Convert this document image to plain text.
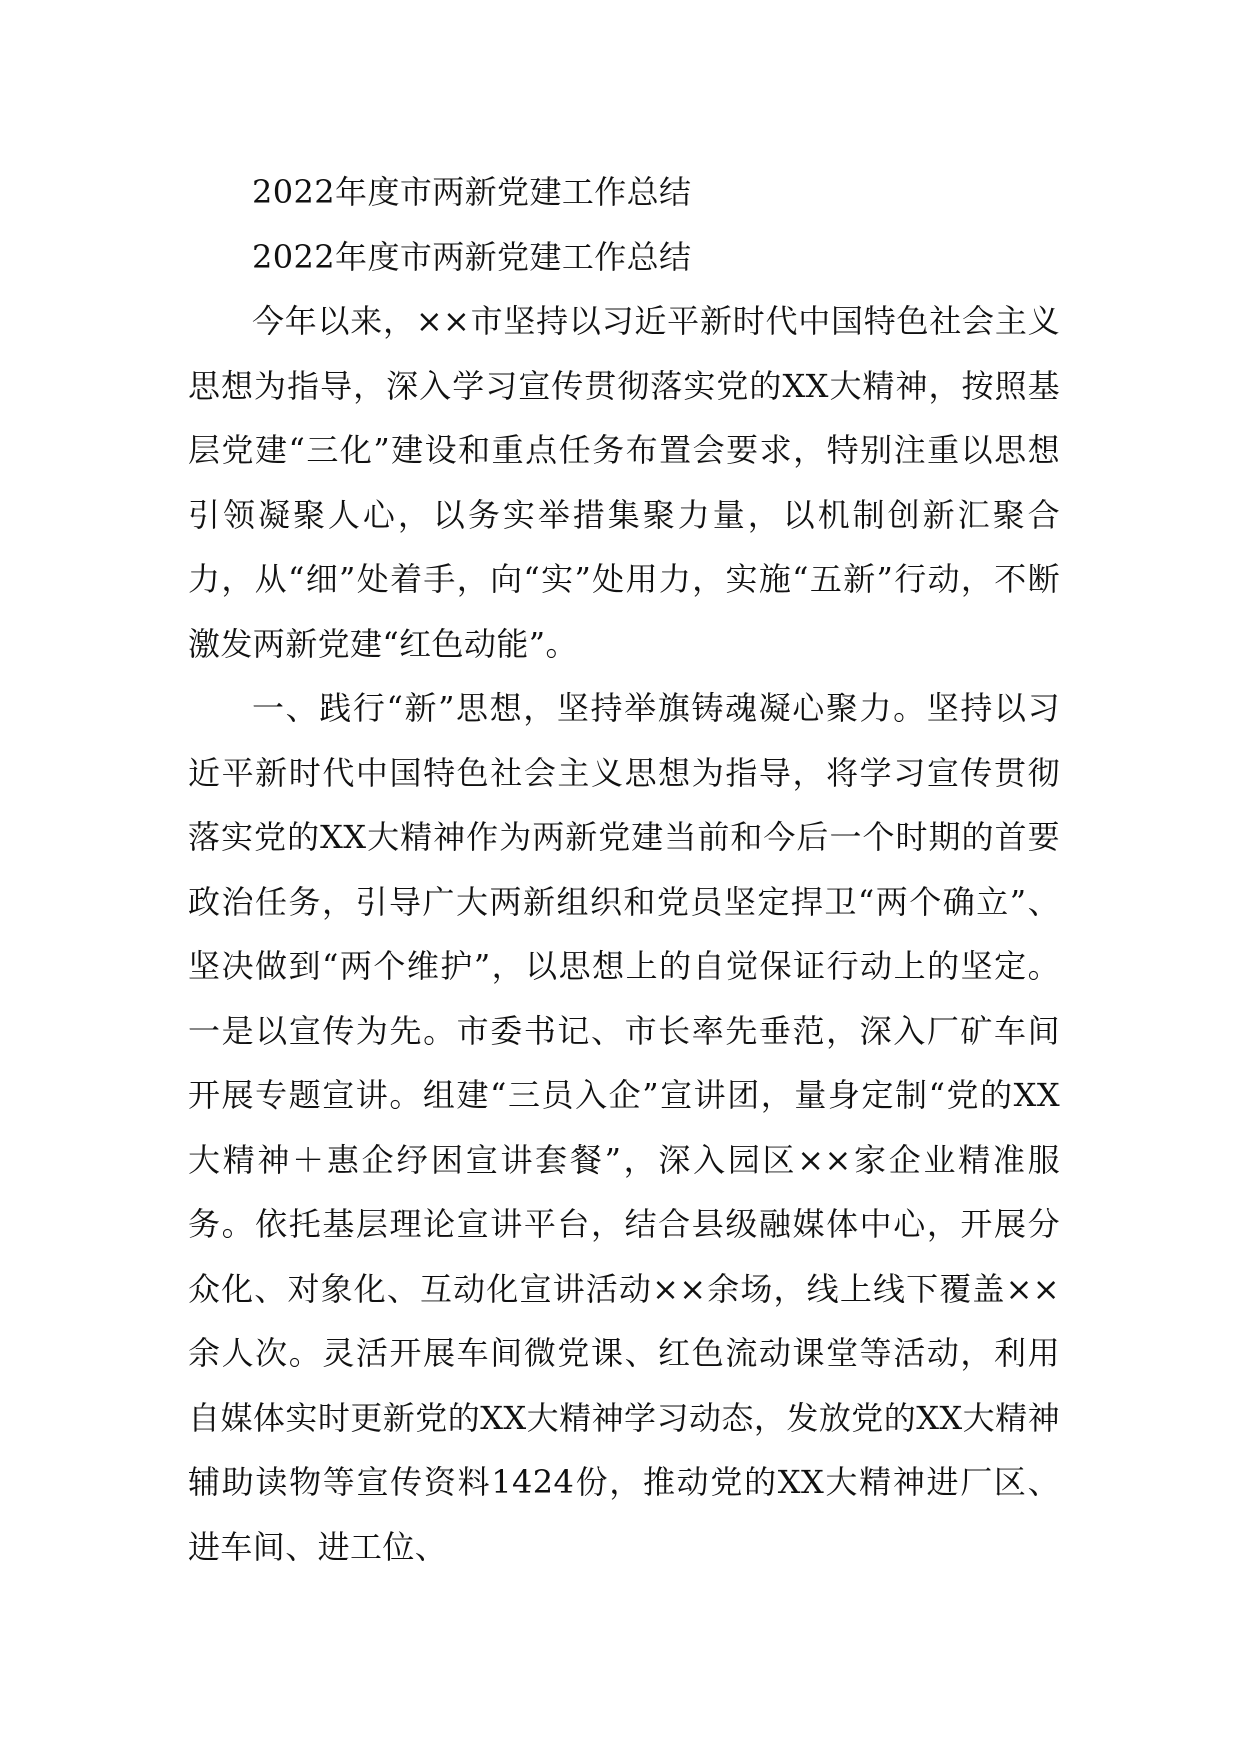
2022年度市两新党建工作总结

2022年度市两新党建工作总结

今年以来，××市坚持以习近平新时代中国特色社会主义思想为指导，深入学习宣传贯彻落实党的XX大精神，按照基层党建“三化”建设和重点任务布置会要求，特别注重以思想引领凝聚人心，以务实举措集聚力量，以机制创新汇聚合力，从“细”处着手，向“实”处用力，实施“五新”行动，不断激发两新党建“红色动能”。

一、践行“新”思想，坚持举旗铸魂凝心聚力。坚持以习近平新时代中国特色社会主义思想为指导，将学习宣传贯彻落实党的XX大精神作为两新党建当前和今后一个时期的首要政治任务，引导广大两新组织和党员坚定捍卫“两个确立”、坚决做到“两个维护”，以思想上的自觉保证行动上的坚定。一是以宣传为先。市委书记、市长率先垂范，深入厂矿车间开展专题宣讲。组建“三员入企”宣讲团，量身定制“党的XX大精神＋惠企纾困宣讲套餐”，深入园区××家企业精准服务。依托基层理论宣讲平台，结合县级融媒体中心，开展分众化、对象化、互动化宣讲活动××余场，线上线下覆盖××余人次。灵活开展车间微党课、红色流动课堂等活动，利用自媒体实时更新党的XX大精神学习动态，发放党的XX大精神辅助读物等宣传资料1424份，推动党的XX大精神进厂区、进车间、进工位、
